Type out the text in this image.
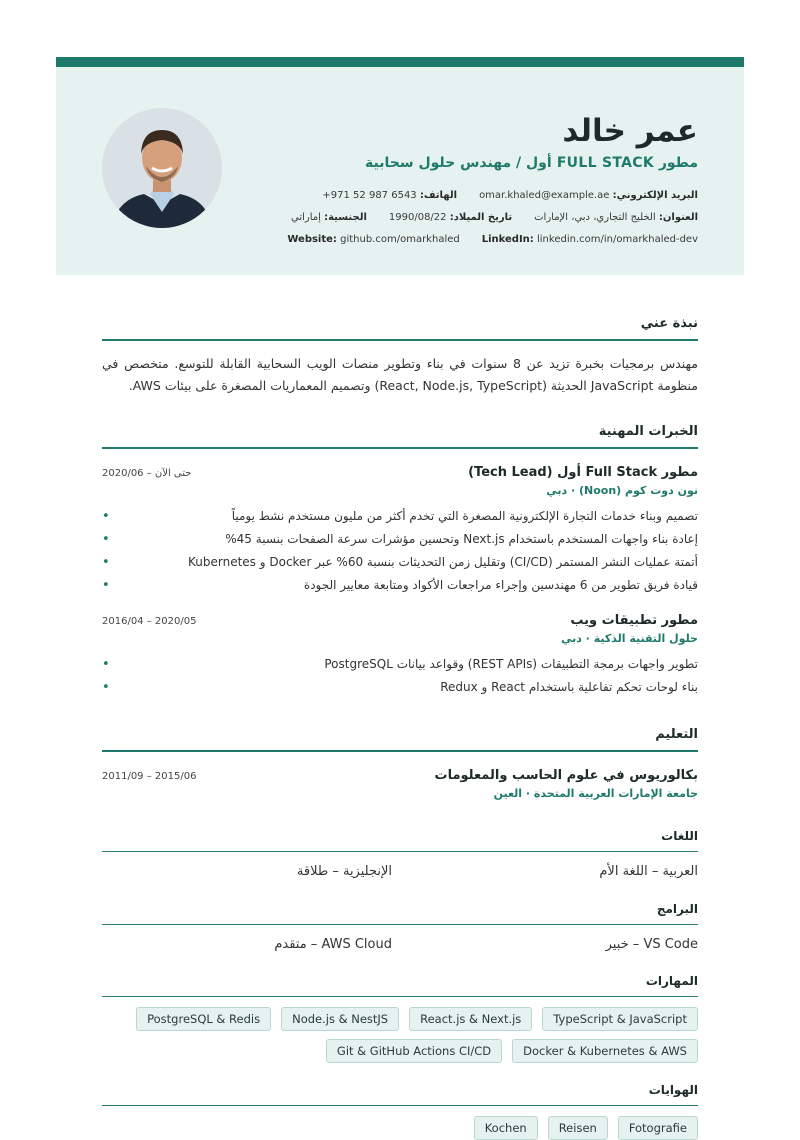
عمر خالد
مطور FULL STACK أول / مهندس حلول سحابية
البريد الإلكتروني: omar.khaled@example.ae
الهاتف: +971 52 987 6543
العنوان: الخليج التجاري، دبي، الإمارات
تاريخ الميلاد: 1990/08/22
الجنسية: إماراتي
Website: github.com/omarkhaled LinkedIn: linkedin.com/in/omarkhaled-dev
نبذة عني
مهندس برمجيات بخبرة تزيد عن 8 سنوات في بناء وتطوير منصات الويب السحابية القابلة للتوسع. متخصص في منظومة JavaScript الحديثة (React, Node.js, TypeScript) وتصميم المعماريات المصغرة على بيئات AWS.
الخبرات المهنية
مطور Full Stack أول (Tech Lead)
2020/06 – حتى الآن
نون دوت كوم (Noon) · دبي
تصميم وبناء خدمات التجارة الإلكترونية المصغرة التي تخدم أكثر من مليون مستخدم نشط يومياً •
إعادة بناء واجهات المستخدم باستخدام Next.js وتحسين مؤشرات سرعة الصفحات بنسبة 45% •
أتمتة عمليات النشر المستمر (CI/CD) وتقليل زمن التحديثات بنسبة 60% عبر Docker و Kubernetes •
قيادة فريق تطوير من 6 مهندسين وإجراء مراجعات الأكواد ومتابعة معايير الجودة •
مطور تطبيقات ويب
2016/04 – 2020/05
حلول التقنية الذكية · دبي
تطوير واجهات برمجة التطبيقات (REST APIs) وقواعد بيانات PostgreSQL •
بناء لوحات تحكم تفاعلية باستخدام React و Redux •
التعليم
بكالوريوس في علوم الحاسب والمعلومات
2011/09 – 2015/06
جامعة الإمارات العربية المتحدة · العين
اللغات
العربية – اللغة الأم
الإنجليزية – طلاقة
البرامج
VS Code – خبير
AWS Cloud – متقدم
المهارات
TypeScript & JavaScript
React.js & Next.js
Node.js & NestJS
PostgreSQL & Redis
Docker & Kubernetes & AWS
Git & GitHub Actions CI/CD
الهوايات
Fotografie
Reisen
Kochen
